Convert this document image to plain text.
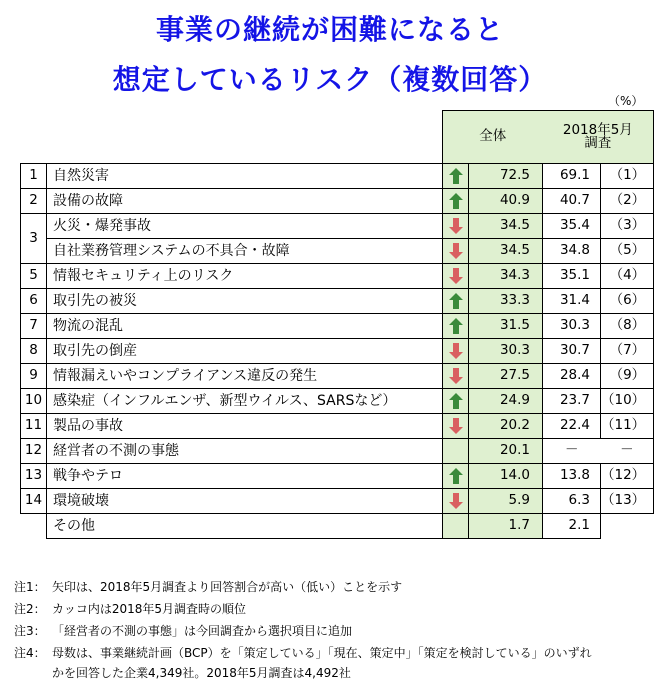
事業の継続が困難になると
想定しているリスク（複数回答）
（%）
		全体		2018年5月
調査	
1	自然災害		72.5	69.1	（1）
2	設備の故障		40.9	40.7	（2）
3	火災・爆発事故		34.5	35.4	（3）
	自社業務管理システムの不具合・故障		34.5	34.8	（5）
5	情報セキュリティ上のリスク		34.3	35.1	（4）
6	取引先の被災		33.3	31.4	（6）
7	物流の混乱		31.5	30.3	（8）
8	取引先の倒産		30.3	30.7	（7）
9	情報漏えいやコンプライアンス違反の発生		27.5	28.4	（9）
10	感染症（インフルエンザ、新型ウイルス、SARSなど）		24.9	23.7	（10）
11	製品の事故		20.2	22.4	（11）
12	経営者の不測の事態		20.1	－	－
13	戦争やテロ		14.0	13.8	（12）
14	環境破壊		5.9	6.3	（13）
	その他		1.7	2.1	
注1： 矢印は、2018年5月調査より回答割合が高い（低い）ことを示す
注2： カッコ内は2018年5月調査時の順位
注3： 「経営者の不測の事態」は今回調査から選択項目に追加
注4： 母数は、事業継続計画（BCP）を「策定している」「現在、策定中」「策定を検討している」のいずれ
かを回答した企業4,349社。2018年5月調査は4,492社
